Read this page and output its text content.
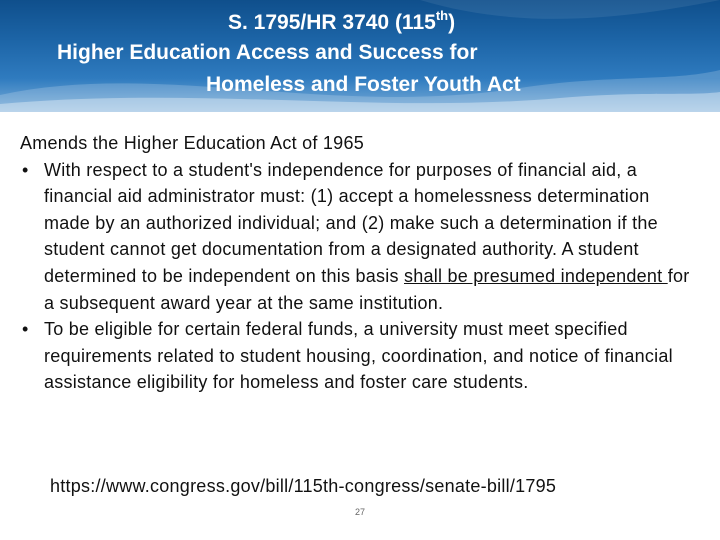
S. 1795/HR 3740 (115th)
Higher Education Access and Success for
Homeless and Foster Youth Act

Amends the Higher Education Act of 1965

• With respect to a student's independence for purposes of financial aid, a financial aid administrator must: (1) accept a homelessness determination made by an authorized individual; and (2) make such a determination if the student cannot get documentation from a designated authority. A student determined to be independent on this basis shall be presumed independent for a subsequent award year at the same institution.
• To be eligible for certain federal funds, a university must meet specified requirements related to student housing, coordination, and notice of financial assistance eligibility for homeless and foster care students.
https://www.congress.gov/bill/115th-congress/senate-bill/1795
27
